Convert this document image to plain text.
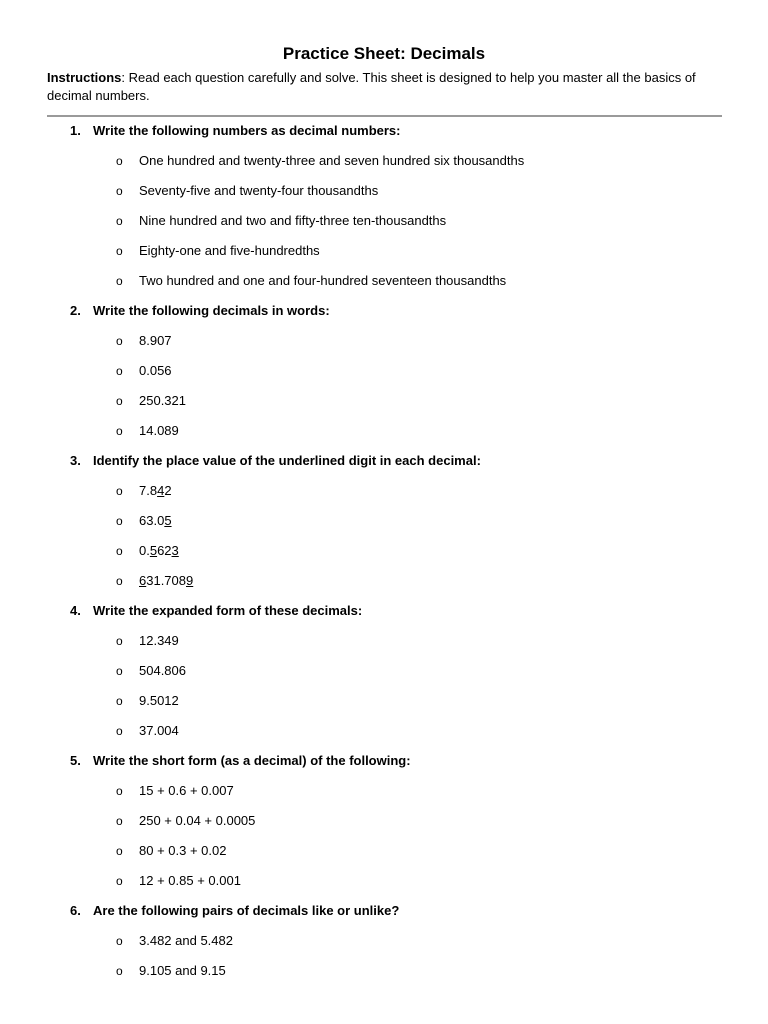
Practice Sheet: Decimals
Instructions: Read each question carefully and solve. This sheet is designed to help you master all the basics of decimal numbers.
1. Write the following numbers as decimal numbers:
o One hundred and twenty-three and seven hundred six thousandths
o Seventy-five and twenty-four thousandths
o Nine hundred and two and fifty-three ten-thousandths
o Eighty-one and five-hundredths
o Two hundred and one and four-hundred seventeen thousandths
2. Write the following decimals in words:
o 8.907
o 0.056
o 250.321
o 14.089
3. Identify the place value of the underlined digit in each decimal:
o 7.842
o 63.05
o 0.5623
o 631.7089
4. Write the expanded form of these decimals:
o 12.349
o 504.806
o 9.5012
o 37.004
5. Write the short form (as a decimal) of the following:
o 15 + 0.6 + 0.007
o 250 + 0.04 + 0.0005
o 80 + 0.3 + 0.02
o 12 + 0.85 + 0.001
6. Are the following pairs of decimals like or unlike?
o 3.482 and 5.482
o 9.105 and 9.15
